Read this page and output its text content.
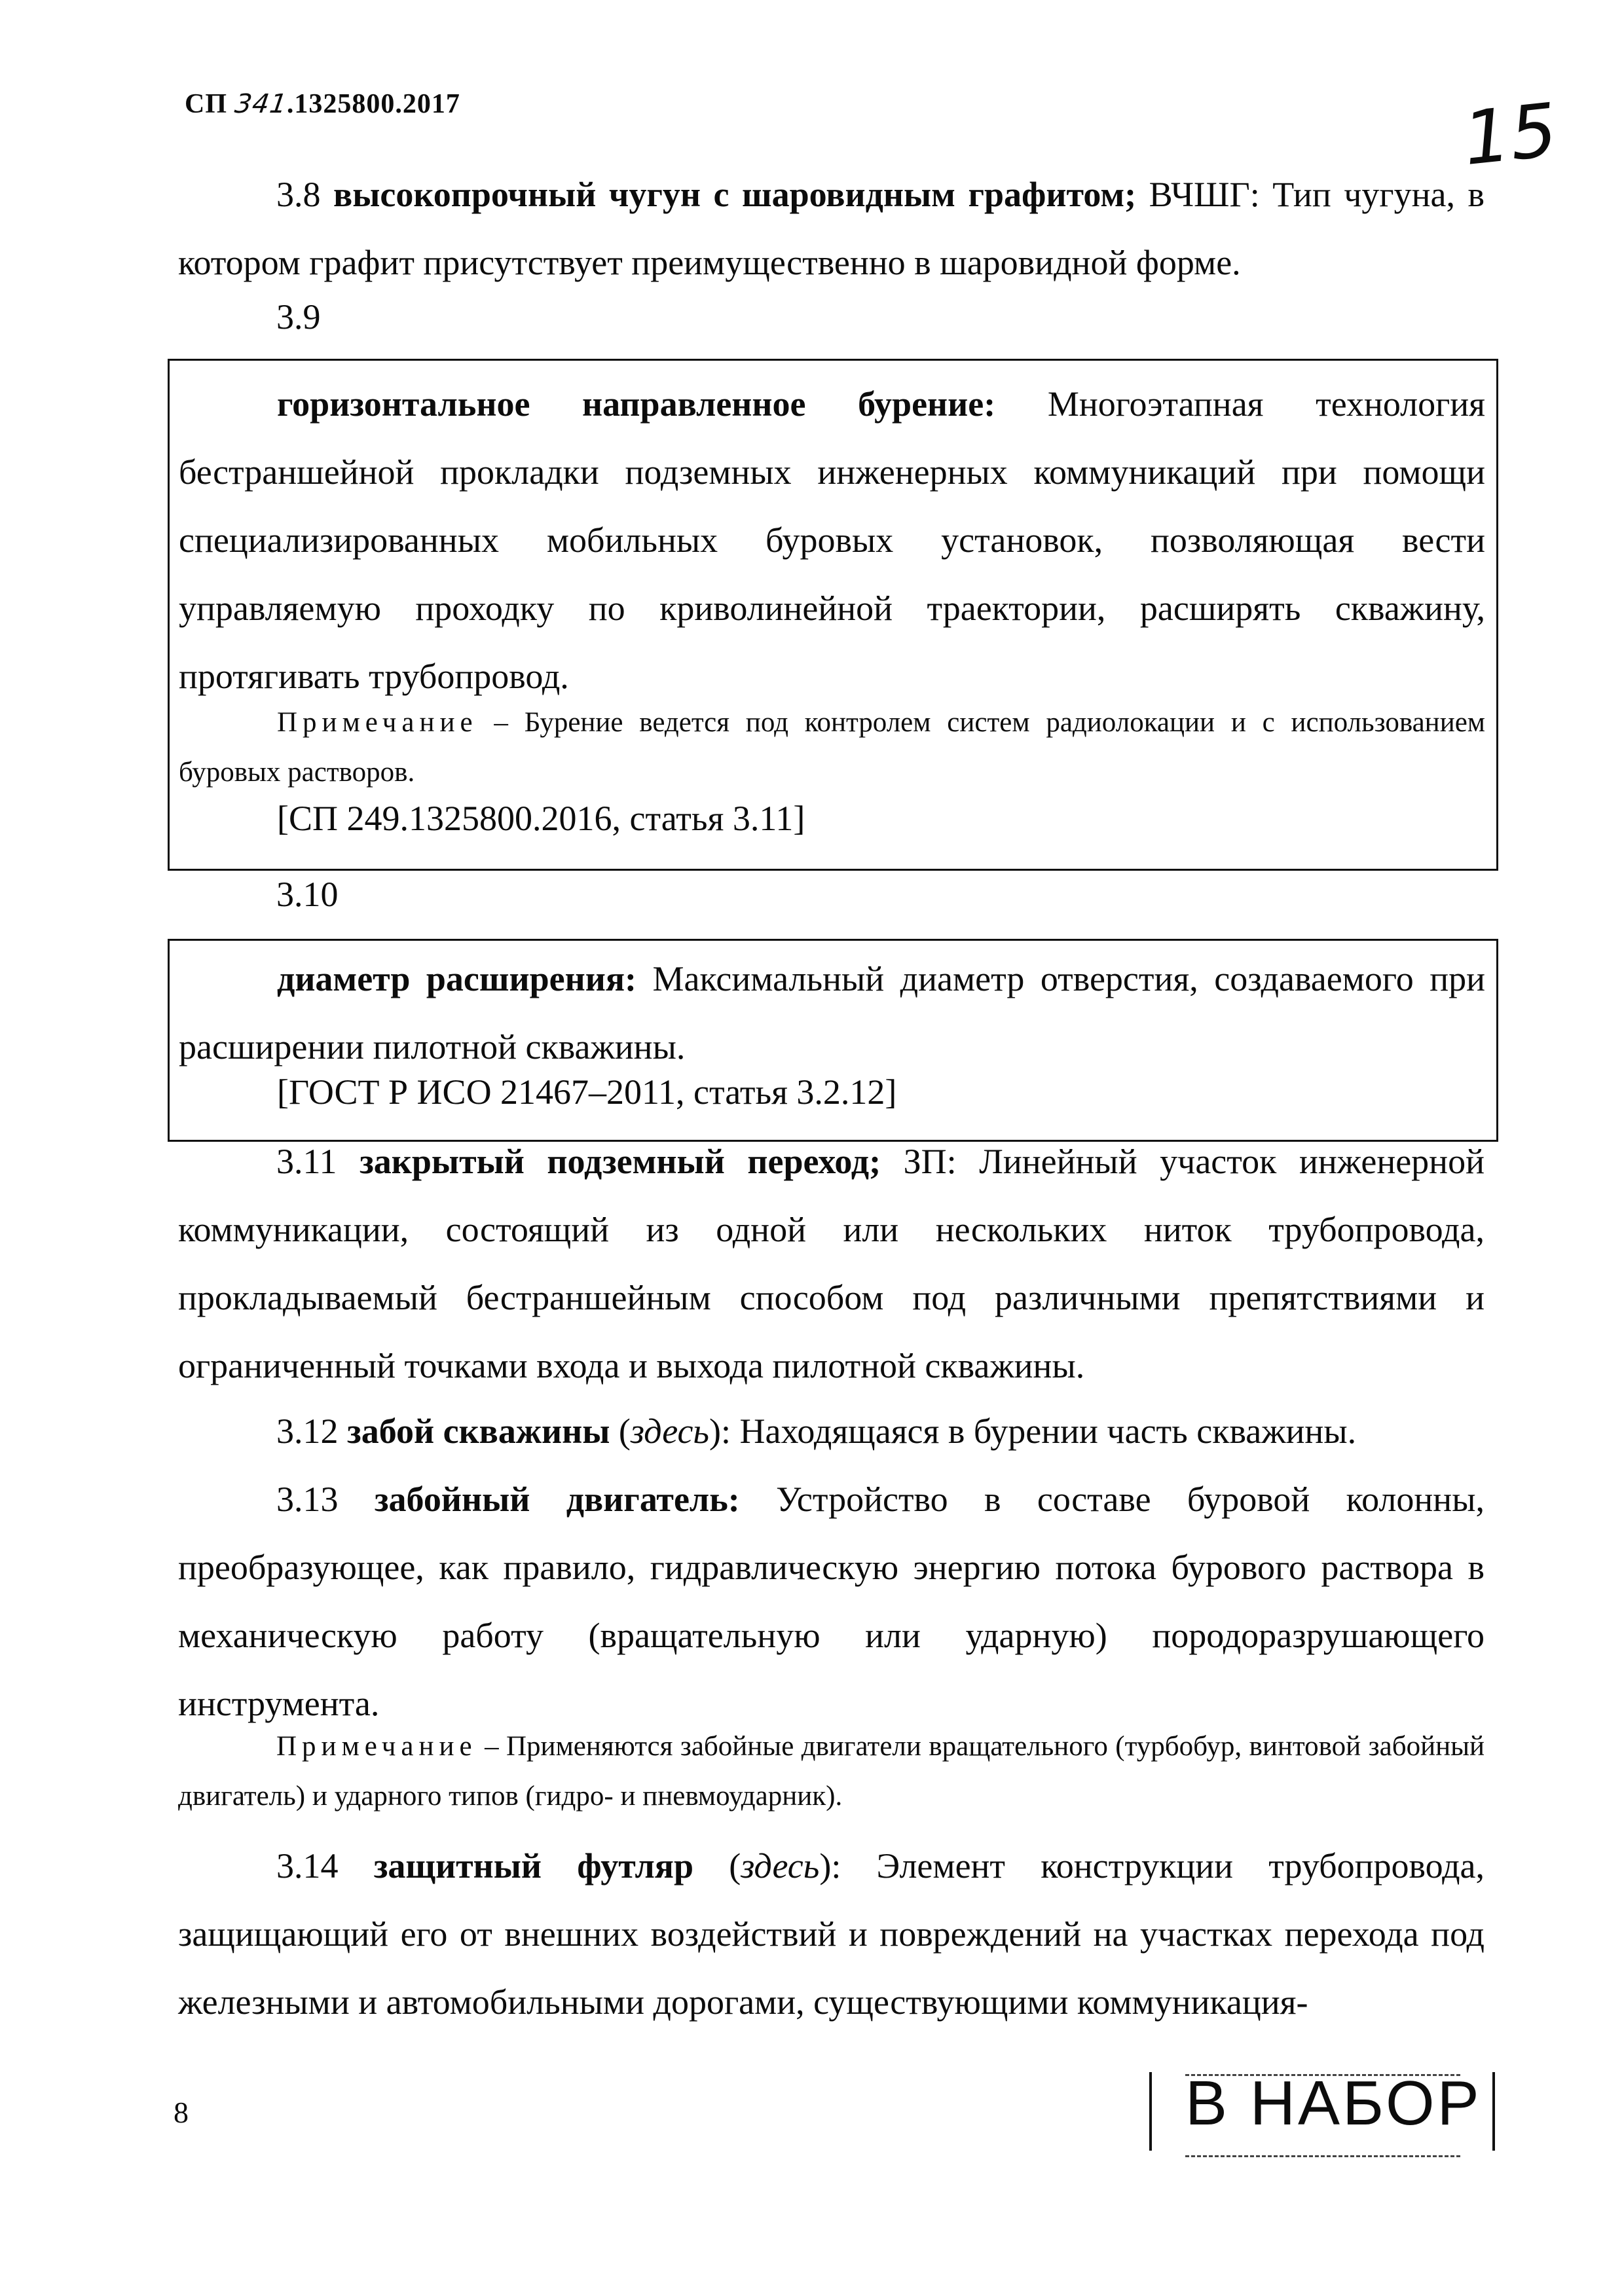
СП 341.1325800.2017	15

3.8 высокопрочный чугун с шаровидным графитом; ВЧШГ: Тип чугуна, в котором графит присутствует преимущественно в шаровидной форме.

3.9

горизонтальное направленное бурение: Многоэтапная технология бестраншейной прокладки подземных инженерных коммуникаций при помощи специализированных мобильных буровых установок, позволяющая вести управляемую проходку по криволинейной траектории, расширять скважину, протягивать трубопровод.

Примечание – Бурение ведется под контролем систем радиолокации и с использованием буровых растворов.

[СП 249.1325800.2016, статья 3.11]
3.10

диаметр расширения: Максимальный диаметр отверстия, создаваемого при расширении пилотной скважины.

[ГОСТ Р ИСО 21467–2011, статья 3.2.12]

3.11 закрытый подземный переход; ЗП: Линейный участок инженерной коммуникации, состоящий из одной или нескольких ниток трубопровода, прокладываемый бестраншейным способом под различными препятствиями и ограниченный точками входа и выхода пилотной скважины.

3.12 забой скважины (здесь): Находящаяся в бурении часть скважины.

3.13 забойный двигатель: Устройство в составе буровой колонны, преобразующее, как правило, гидравлическую энергию потока бурового раствора в механическую работу (вращательную или ударную) породоразрушающего инструмента.

Примечание – Применяются забойные двигатели вращательного (турбобур, винтовой забойный двигатель) и ударного типов (гидро- и пневмоударник).

3.14 защитный футляр (здесь): Элемент конструкции трубопровода, защищающий его от внешних воздействий и повреждений на участках перехода под железными и автомобильными дорогами, существующими коммуникация-

8	В НАБОР
